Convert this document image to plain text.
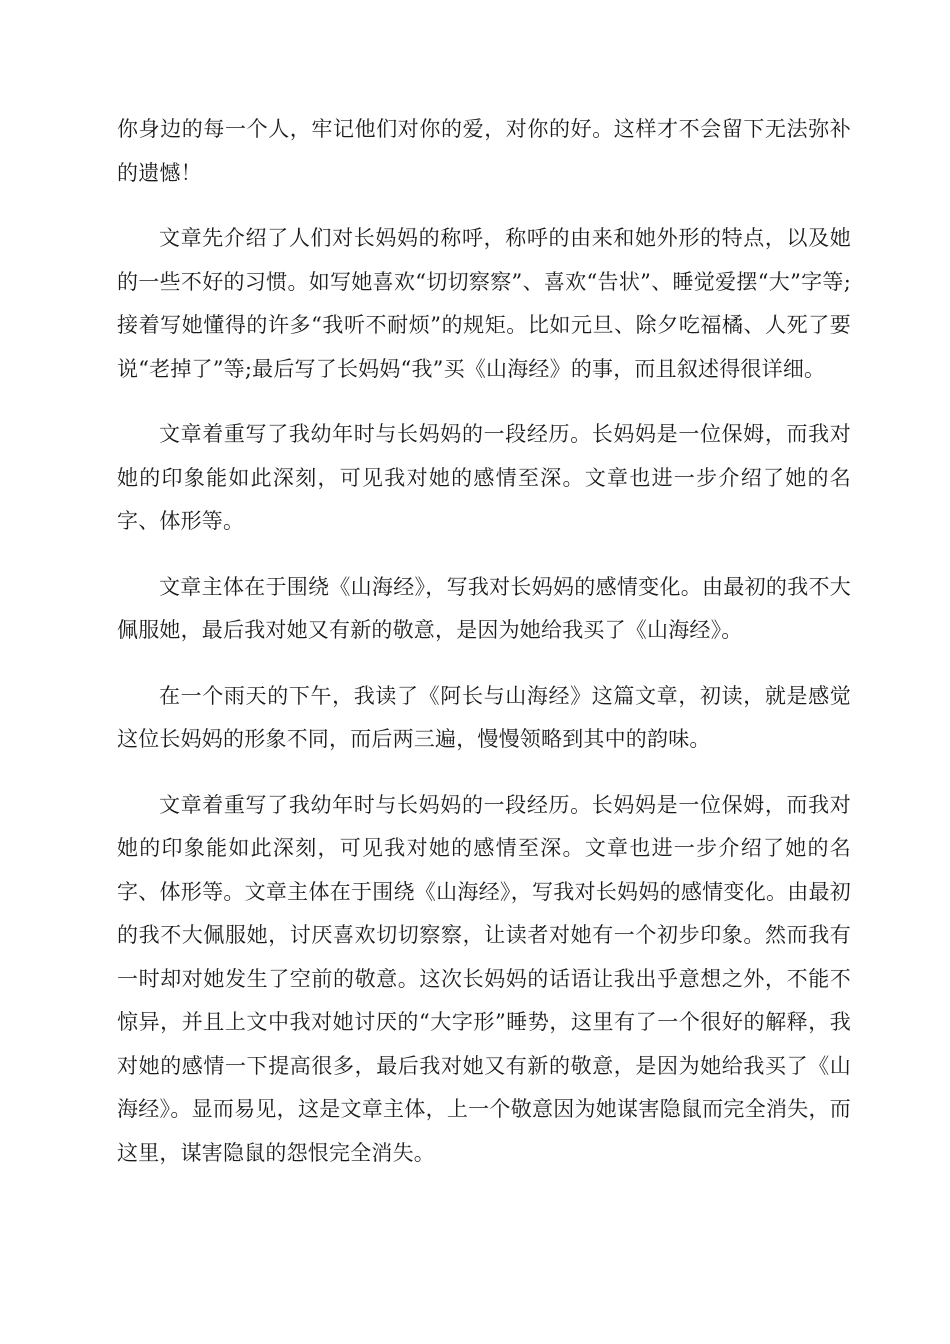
你身边的每一个人，牢记他们对你的爱，对你的好。这样才不会留下无法弥补的遗憾！

文章先介绍了人们对长妈妈的称呼，称呼的由来和她外形的特点，以及她的一些不好的习惯。如写她喜欢“切切察察”、喜欢“告状”、睡觉爱摆“大”字等;接着写她懂得的许多“我听不耐烦”的规矩。比如元旦、除夕吃福橘、人死了要说“老掉了”等;最后写了长妈妈“我”买《山海经》的事，而且叙述得很详细。

文章着重写了我幼年时与长妈妈的一段经历。长妈妈是一位保姆，而我对她的印象能如此深刻，可见我对她的感情至深。文章也进一步介绍了她的名字、体形等。

文章主体在于围绕《山海经》，写我对长妈妈的感情变化。由最初的我不大佩服她，最后我对她又有新的敬意，是因为她给我买了《山海经》。

在一个雨天的下午，我读了《阿长与山海经》这篇文章，初读，就是感觉这位长妈妈的形象不同，而后两三遍，慢慢领略到其中的韵味。

文章着重写了我幼年时与长妈妈的一段经历。长妈妈是一位保姆，而我对她的印象能如此深刻，可见我对她的感情至深。文章也进一步介绍了她的名字、体形等。文章主体在于围绕《山海经》，写我对长妈妈的感情变化。由最初的我不大佩服她，讨厌喜欢切切察察，让读者对她有一个初步印象。然而我有一时却对她发生了空前的敬意。这次长妈妈的话语让我出乎意想之外，不能不惊异，并且上文中我对她讨厌的“大字形”睡势，这里有了一个很好的解释，我对她的感情一下提高很多，最后我对她又有新的敬意，是因为她给我买了《山海经》。显而易见，这是文章主体，上一个敬意因为她谋害隐鼠而完全消失，而这里，谋害隐鼠的怨恨完全消失。
